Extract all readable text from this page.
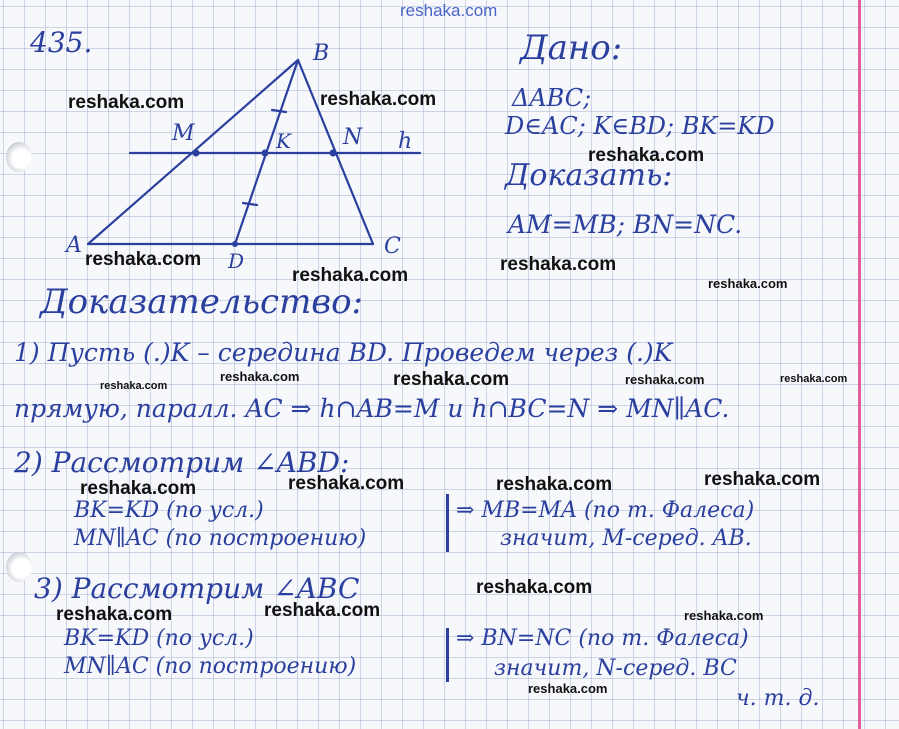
reshaka.com
435.	B
A	C
D
M	K N h
Дано:
ΔABC;
D∈AC; K∈BD; BK=KD
Доказать:
AM=MB; BN=NC.
Доказательство:
1) Пусть (.)K – середина BD. Проведем через (.)K
прямую, паралл. AC ⇒ h∩AB=M и h∩BC=N ⇒ MN∥AC.
2) Рассмотрим ∠ABD:
BK=KD (по усл.)
MN∥AC (по построению)
⇒ MB=MA (по т. Фалеса)
значит, M-серед. AB.
3) Рассмотрим ∠ABC
BK=KD (по усл.)
MN∥AC (по построению)
⇒ BN=NC (по т. Фалеса)
значит, N-серед. BC
ч. т. д.
reshaka.com	reshaka.com
reshaka.com
reshaka.com
reshaka.com
reshaka.com
reshaka.com
reshaka.com
reshaka.com	reshaka.com	reshaka.com	reshaka.com
reshaka.com	reshaka.com	reshaka.com	reshaka.com
reshaka.com
reshaka.com	reshaka.com	reshaka.com
reshaka.com
